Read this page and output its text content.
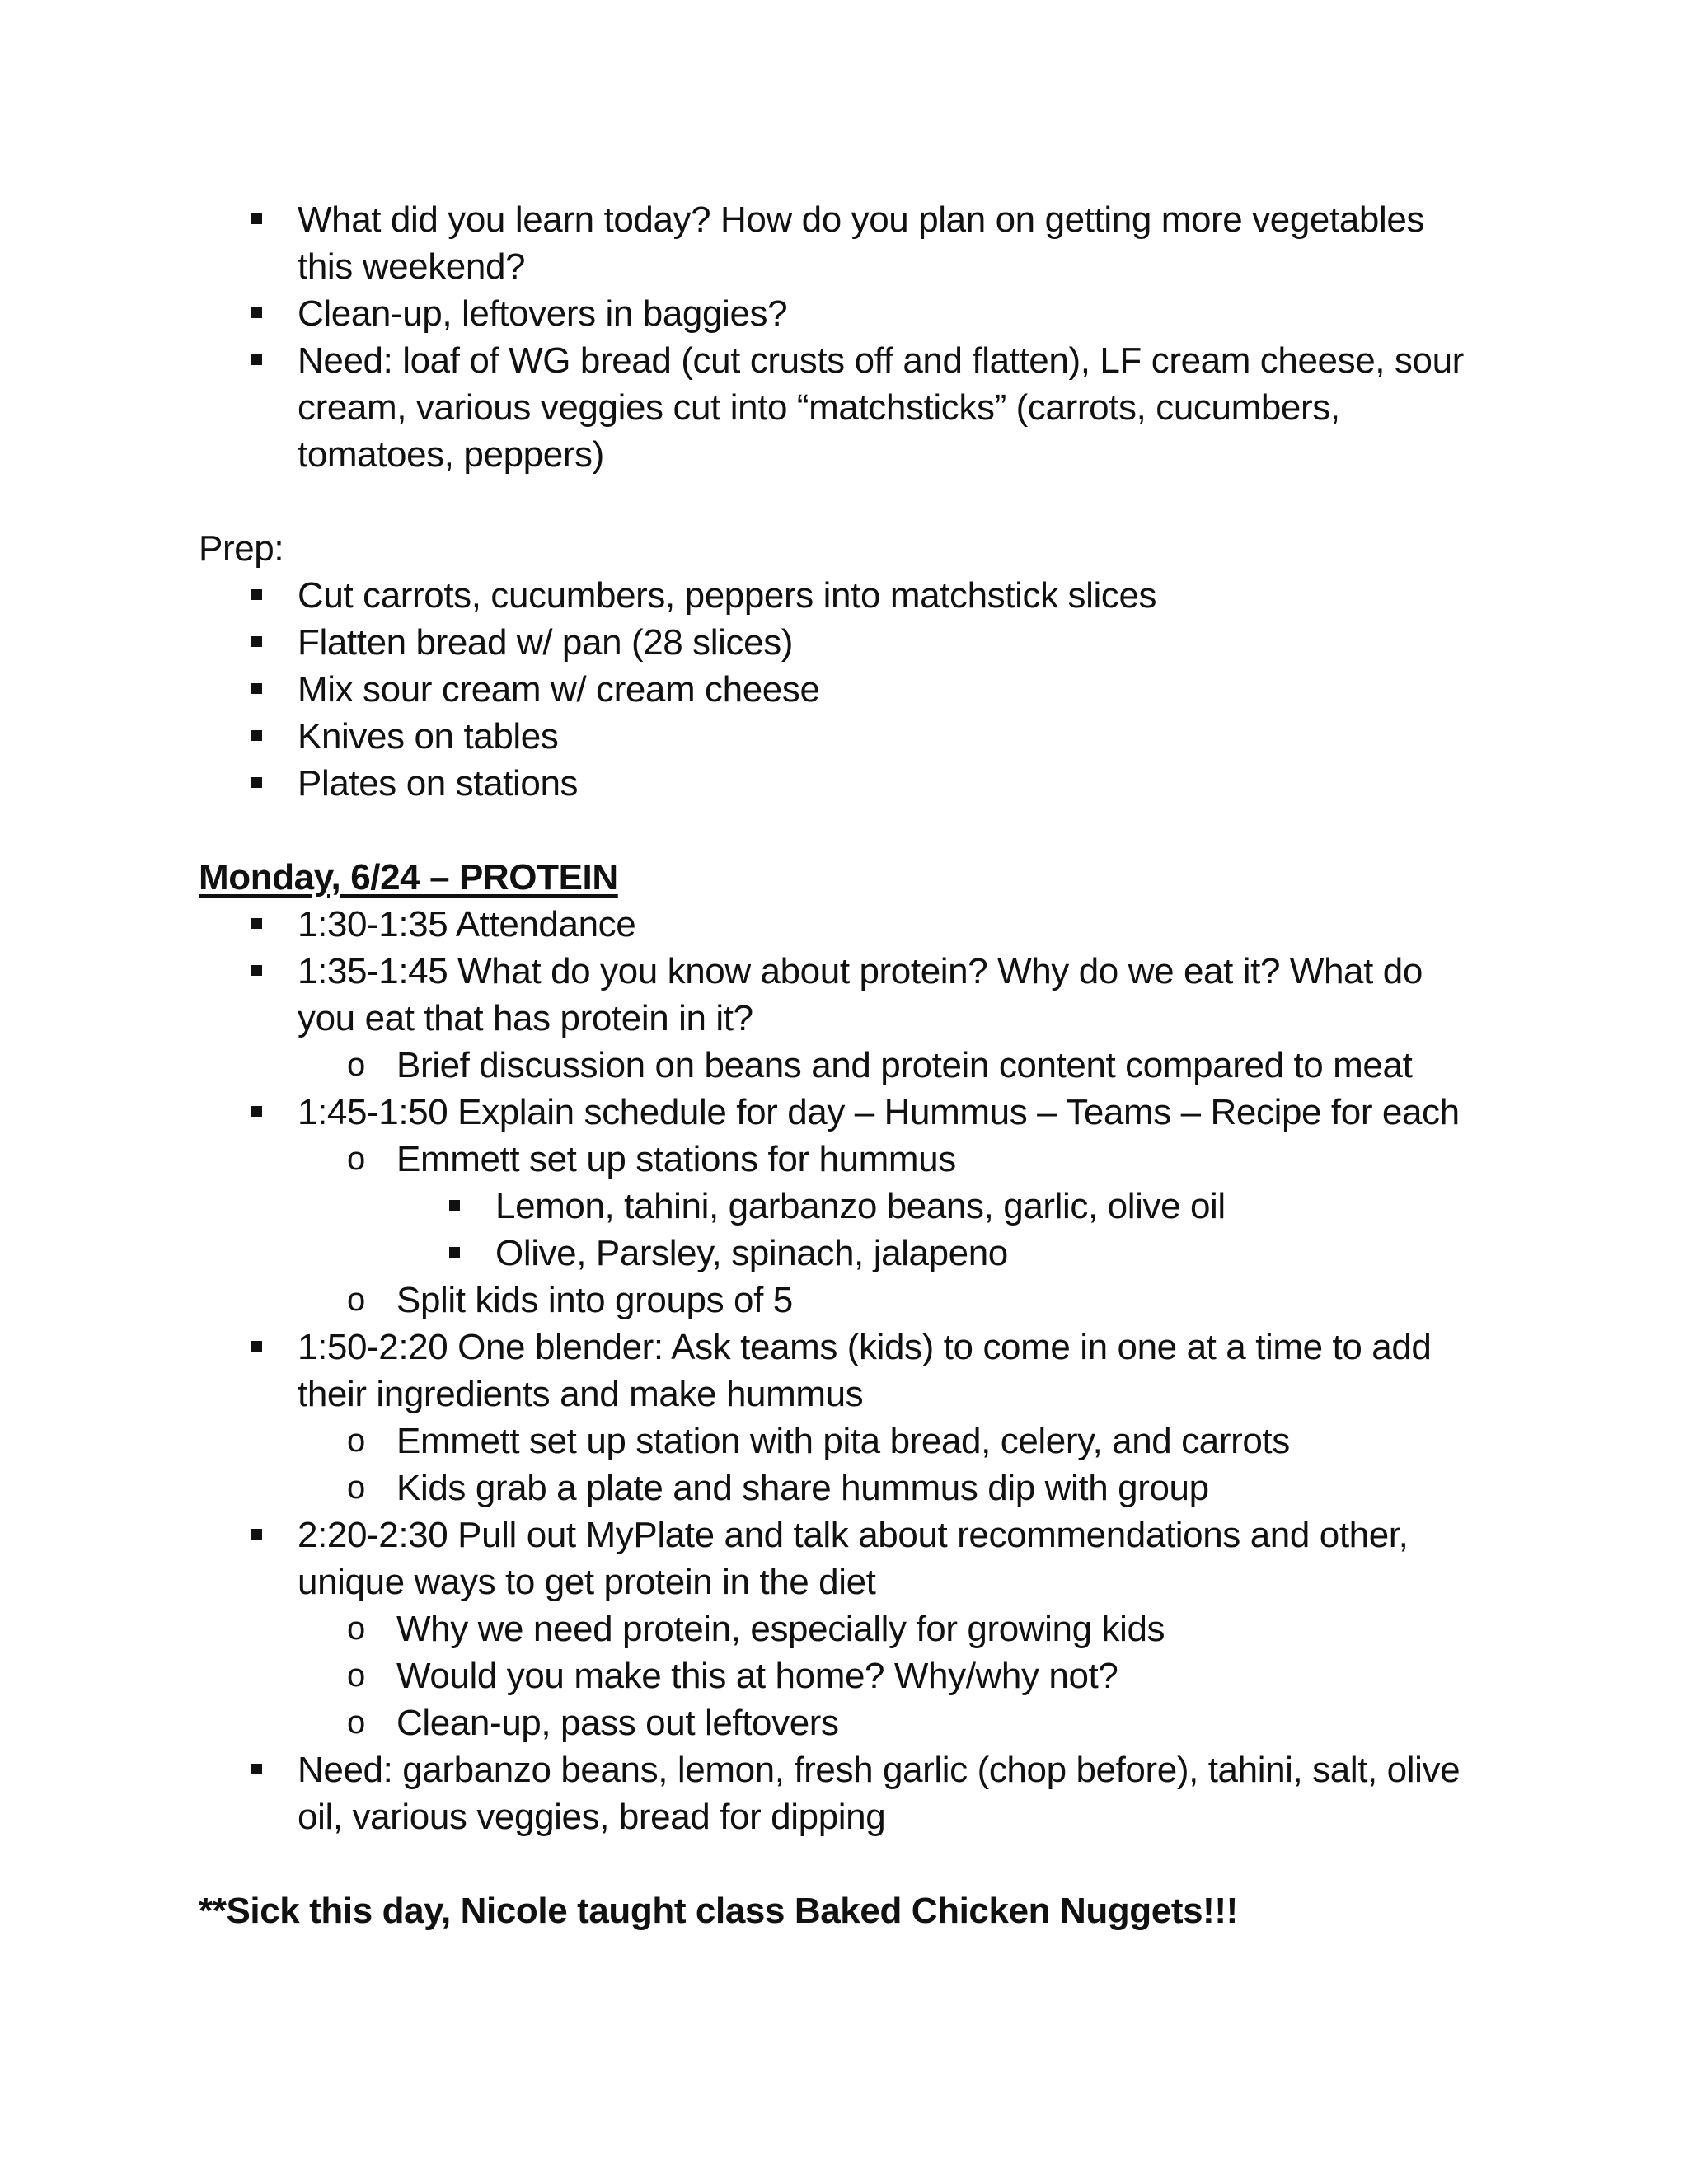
What did you learn today? How do you plan on getting more vegetables this weekend?
Clean-up, leftovers in baggies?
Need: loaf of WG bread (cut crusts off and flatten), LF cream cheese, sour cream, various veggies cut into “matchsticks” (carrots, cucumbers, tomatoes, peppers)
Prep:
Cut carrots, cucumbers, peppers into matchstick slices
Flatten bread w/ pan (28 slices)
Mix sour cream w/ cream cheese
Knives on tables
Plates on stations
Monday, 6/24 – PROTEIN
1:30-1:35 Attendance
1:35-1:45 What do you know about protein? Why do we eat it? What do you eat that has protein in it?
o Brief discussion on beans and protein content compared to meat
1:45-1:50 Explain schedule for day – Hummus – Teams – Recipe for each
o Emmett set up stations for hummus
Lemon, tahini, garbanzo beans, garlic, olive oil
Olive, Parsley, spinach, jalapeno
o Split kids into groups of 5
1:50-2:20 One blender: Ask teams (kids) to come in one at a time to add their ingredients and make hummus
o Emmett set up station with pita bread, celery, and carrots
o Kids grab a plate and share hummus dip with group
2:20-2:30 Pull out MyPlate and talk about recommendations and other, unique ways to get protein in the diet
o Why we need protein, especially for growing kids
o Would you make this at home? Why/why not?
o Clean-up, pass out leftovers
Need: garbanzo beans, lemon, fresh garlic (chop before), tahini, salt, olive oil, various veggies, bread for dipping
**Sick this day, Nicole taught class Baked Chicken Nuggets!!!
